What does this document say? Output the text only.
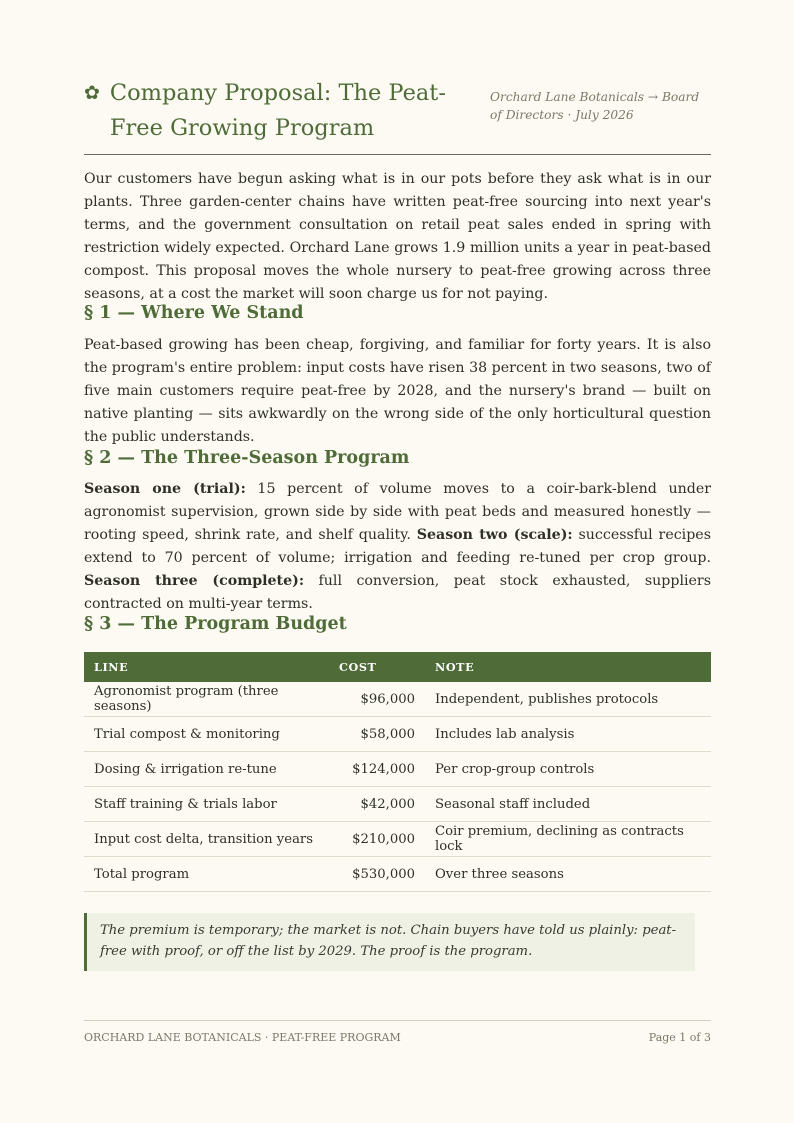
✿ Company Proposal: The Peat-Free Growing Program
Orchard Lane Botanicals → Board of Directors · July 2026

Our customers have begun asking what is in our pots before they ask what is in our plants. Three garden-center chains have written peat-free sourcing into next year's terms, and the government consultation on retail peat sales ended in spring with restriction widely expected. Orchard Lane grows 1.9 million units a year in peat-based compost. This proposal moves the whole nursery to peat-free growing across three seasons, at a cost the market will soon charge us for not paying.

§ 1 — Where We Stand

Peat-based growing has been cheap, forgiving, and familiar for forty years. It is also the program's entire problem: input costs have risen 38 percent in two seasons, two of five main customers require peat-free by 2028, and the nursery's brand — built on native planting — sits awkwardly on the wrong side of the only horticultural question the public understands.

§ 2 — The Three-Season Program

Season one (trial): 15 percent of volume moves to a coir-bark-blend under agronomist supervision, grown side by side with peat beds and measured honestly — rooting speed, shrink rate, and shelf quality. Season two (scale): successful recipes extend to 70 percent of volume; irrigation and feeding re-tuned per crop group. Season three (complete): full conversion, peat stock exhausted, suppliers contracted on multi-year terms.

§ 3 — The Program Budget
LINE	COST	NOTE
Agronomist program (three seasons)	$96,000	Independent, publishes protocols
Trial compost & monitoring	$58,000	Includes lab analysis
Dosing & irrigation re-tune	$124,000	Per crop-group controls
Staff training & trials labor	$42,000	Seasonal staff included
Input cost delta, transition years	$210,000	Coir premium, declining as contracts lock
Total program	$530,000	Over three seasons
The premium is temporary; the market is not. Chain buyers have told us plainly: peat-free with proof, or off the list by 2029. The proof is the program.
ORCHARD LANE BOTANICALS · PEAT-FREE PROGRAM	Page 1 of 3
